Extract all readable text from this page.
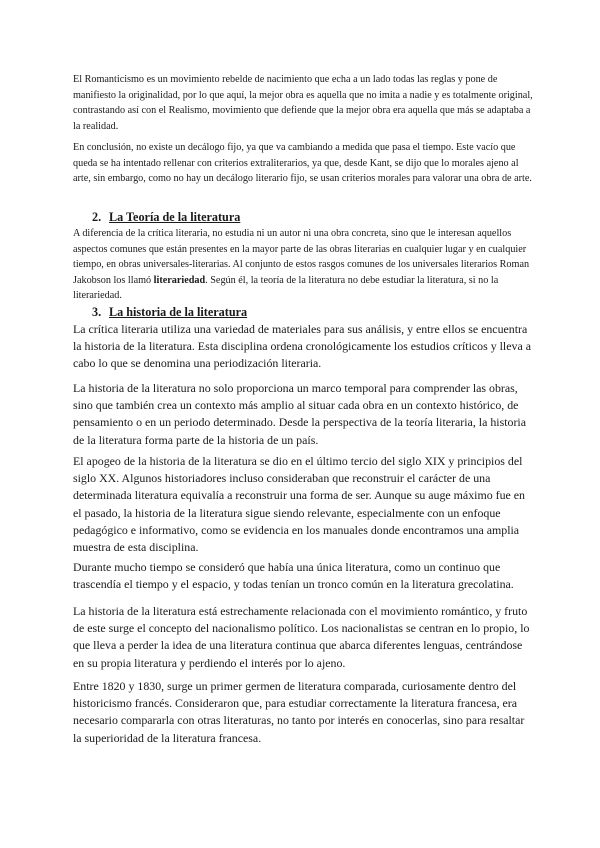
El Romanticismo es un movimiento rebelde de nacimiento que echa a un lado todas las reglas y pone de manifiesto la originalidad, por lo que aquí, la mejor obra es aquella que no imita a nadie y es totalmente original, contrastando así con el Realismo, movimiento que defiende que la mejor obra era aquella que más se adaptaba a la realidad.

En conclusión, no existe un decálogo fijo, ya que va cambiando a medida que pasa el tiempo. Este vacío que queda se ha intentado rellenar con criterios extraliterarios, ya que, desde Kant, se dijo que lo morales ajeno al arte, sin embargo, como no hay un decálogo literario fijo, se usan criterios morales para valorar una obra de arte.

2. La Teoría de la literatura

A diferencia de la crítica literaria, no estudia ni un autor ni una obra concreta, sino que le interesan aquellos aspectos comunes que están presentes en la mayor parte de las obras literarias en cualquier lugar y en cualquier tiempo, en obras universales-literarias. Al conjunto de estos rasgos comunes de los universales literarios Roman Jakobson los llamó literariedad. Según él, la teoría de la literatura no debe estudiar la literatura, si no la literariedad.

3. La historia de la literatura

La crítica literaria utiliza una variedad de materiales para sus análisis, y entre ellos se encuentra la historia de la literatura. Esta disciplina ordena cronológicamente los estudios críticos y lleva a cabo lo que se denomina una periodización literaria.

La historia de la literatura no solo proporciona un marco temporal para comprender las obras, sino que también crea un contexto más amplio al situar cada obra en un contexto histórico, de pensamiento o en un periodo determinado. Desde la perspectiva de la teoría literaria, la historia de la literatura forma parte de la historia de un país.

El apogeo de la historia de la literatura se dio en el último tercio del siglo XIX y principios del siglo XX. Algunos historiadores incluso consideraban que reconstruir el carácter de una determinada literatura equivalía a reconstruir una forma de ser. Aunque su auge máximo fue en el pasado, la historia de la literatura sigue siendo relevante, especialmente con un enfoque pedagógico e informativo, como se evidencia en los manuales donde encontramos una amplia muestra de esta disciplina.

Durante mucho tiempo se consideró que había una única literatura, como un continuo que trascendía el tiempo y el espacio, y todas tenían un tronco común en la literatura grecolatina.

La historia de la literatura está estrechamente relacionada con el movimiento romántico, y fruto de este surge el concepto del nacionalismo político. Los nacionalistas se centran en lo propio, lo que lleva a perder la idea de una literatura continua que abarca diferentes lenguas, centrándose en su propia literatura y perdiendo el interés por lo ajeno.

Entre 1820 y 1830, surge un primer germen de literatura comparada, curiosamente dentro del historicismo francés. Consideraron que, para estudiar correctamente la literatura francesa, era necesario compararla con otras literaturas, no tanto por interés en conocerlas, sino para resaltar la superioridad de la literatura francesa.
